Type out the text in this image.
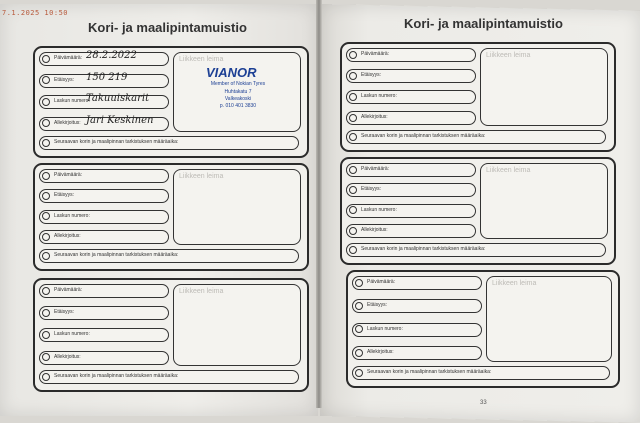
7.1.2025 10:50
Kori- ja maalipintamuistio	Kori- ja maalipintamuistio
Päivämäärä: 28.2.2022
Etäisyys: 150 219
Laskun numero:
Takuuiskarit
Allekirjoitus: Jari Keskinen
Liikkeen leima
VIANOR
Member of Nokian Tyres
Huhtakatu 7
Valkeakoski
p. 010 401 3830
Seuraavan korin ja maalipinnan tarkistuksen määräaika:
Päivämäärä:
Etäisyys:
Laskun numero:
Allekirjoitus:
Liikkeen leima
Seuraavan korin ja maalipinnan tarkistuksen määräaika:
Päivämäärä:
Etäisyys:
Laskun numero:
Allekirjoitus:
Liikkeen leima
Seuraavan korin ja maalipinnan tarkistuksen määräaika:
Päivämäärä:
Etäisyys:
Laskun numero:
Allekirjoitus:
Liikkeen leima
Seuraavan korin ja maalipinnan tarkistuksen määräaika:
Päivämäärä:
Etäisyys:
Laskun numero:
Allekirjoitus:
Liikkeen leima
Seuraavan korin ja maalipinnan tarkistuksen määräaika:
Päivämäärä:
Etäisyys:
Laskun numero:
Allekirjoitus:
Liikkeen leima
Seuraavan korin ja maalipinnan tarkistuksen määräaika:
33
